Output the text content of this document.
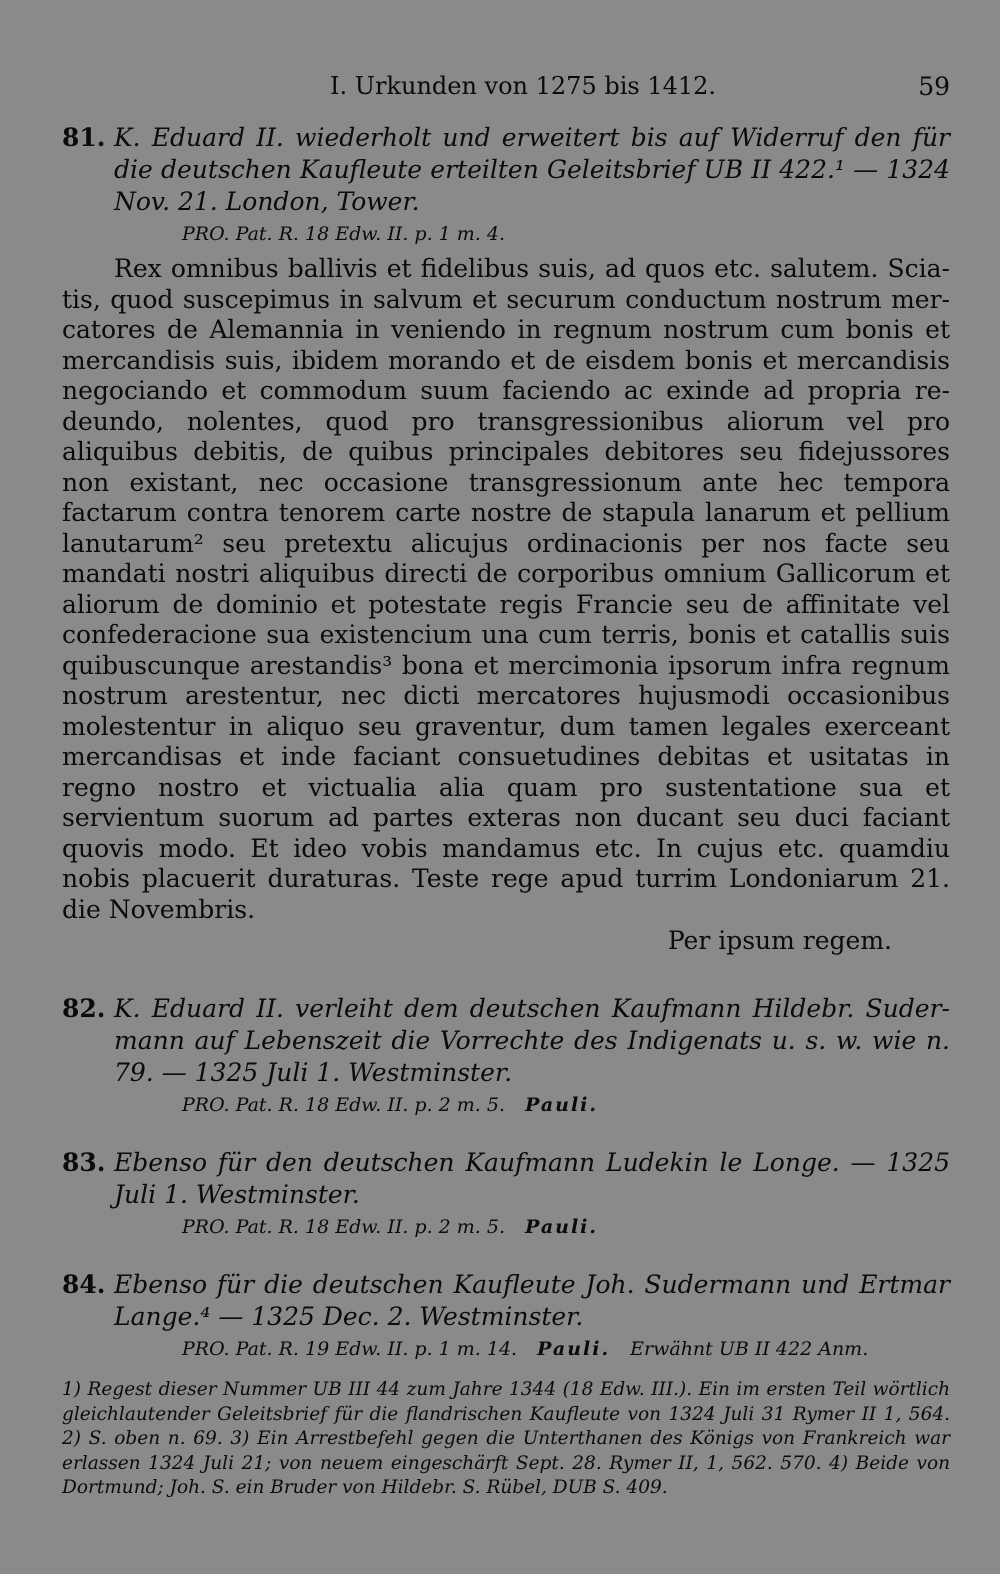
I. Urkunden von 1275 bis 1412.	59
81. K. Eduard II. wiederholt und erweitert bis auf Widerruf den für die deutschen Kaufleute erteilten Geleitsbrief UB II 422.¹ — 1324 Nov. 21. London, Tower.
PRO. Pat. R. 18 Edw. II. p. 1 m. 4.

Rex omnibus ballivis et fidelibus suis, ad quos etc. salutem. Sciatis, quod suscepimus in salvum et securum conductum nostrum mercatores de Alemannia in veniendo in regnum nostrum cum bonis et mercandisis suis, ibidem morando et de eisdem bonis et mercandisis negociando et commodum suum faciendo ac exinde ad propria redeundo, nolentes, quod pro transgressionibus aliorum vel pro aliquibus debitis, de quibus principales debitores seu fidejussores non existant, nec occasione transgressionum ante hec tempora factarum contra tenorem carte nostre de stapula lanarum et pellium lanutarum² seu pretextu alicujus ordinacionis per nos facte seu mandati nostri aliquibus directi de corporibus omnium Gallicorum et aliorum de dominio et potestate regis Francie seu de affinitate vel confederacione sua existencium una cum terris, bonis et catallis suis quibuscunque arestandis³ bona et mercimonia ipsorum infra regnum nostrum arestentur, nec dicti mercatores hujusmodi occasionibus molestentur in aliquo seu graventur, dum tamen legales exerceant mercandisas et inde faciant consuetudines debitas et usitatas in regno nostro et victualia alia quam pro sustentatione sua et servientum suorum ad partes exteras non ducant seu duci faciant quovis modo. Et ideo vobis mandamus etc. In cujus etc. quamdiu nobis placuerit duraturas. Teste rege apud turrim Londoniarum 21. die Novembris.

Per ipsum regem.
82. K. Eduard II. verleiht dem deutschen Kaufmann Hildebr. Sudermann auf Lebenszeit die Vorrechte des Indigenats u. s. w. wie n. 79. — 1325 Juli 1. Westminster.
PRO. Pat. R. 18 Edw. II. p. 2 m. 5. Pauli.
83. Ebenso für den deutschen Kaufmann Ludekin le Longe. — 1325 Juli 1. Westminster.
PRO. Pat. R. 18 Edw. II. p. 2 m. 5. Pauli.
84. Ebenso für die deutschen Kaufleute Joh. Sudermann und Ertmar Lange.⁴ — 1325 Dec. 2. Westminster.
PRO. Pat. R. 19 Edw. II. p. 1 m. 14. Pauli. Erwähnt UB II 422 Anm.
1) Regest dieser Nummer UB III 44 zum Jahre 1344 (18 Edw. III.). Ein im ersten Teil wörtlich gleichlautender Geleitsbrief für die flandrischen Kaufleute von 1324 Juli 31 Rymer II 1, 564. 2) S. oben n. 69. 3) Ein Arrestbefehl gegen die Unterthanen des Königs von Frankreich war erlassen 1324 Juli 21; von neuem eingeschärft Sept. 28. Rymer II, 1, 562. 570. 4) Beide von Dortmund; Joh. S. ein Bruder von Hildebr. S. Rübel, DUB S. 409.
